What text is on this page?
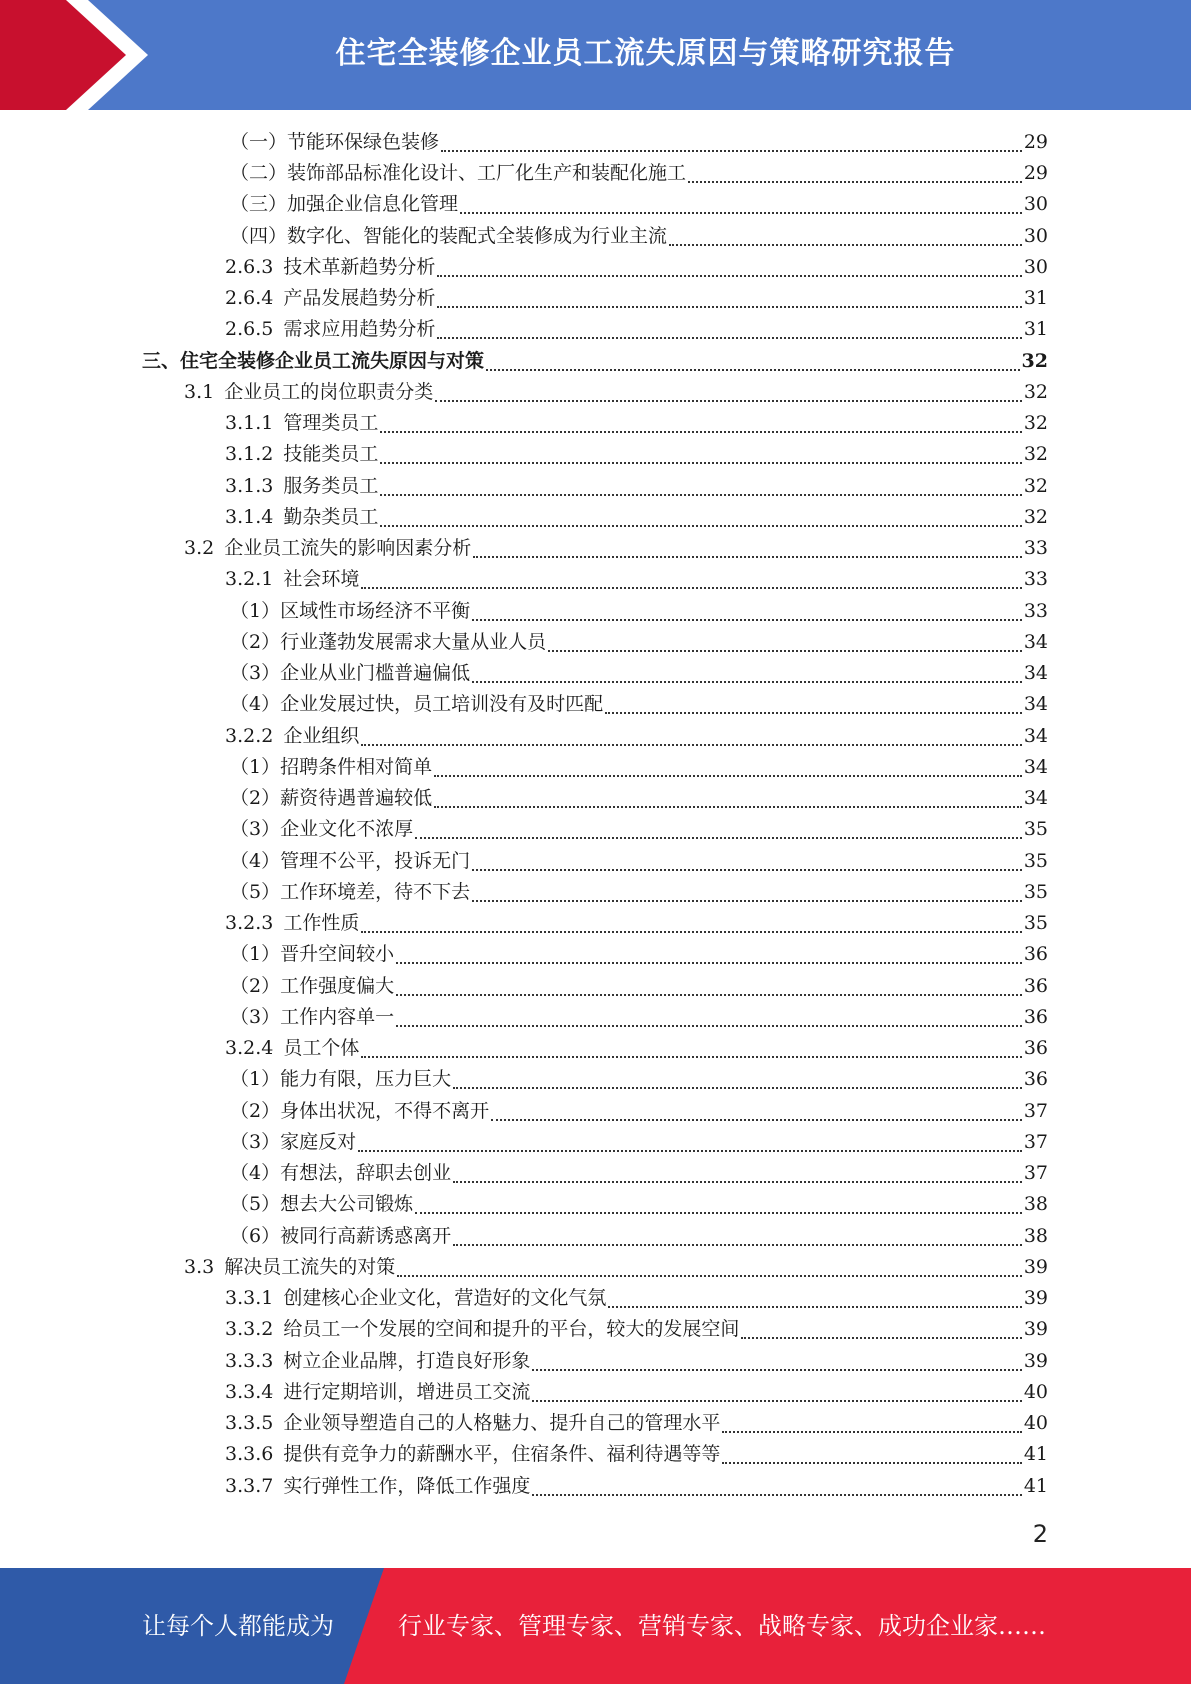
住宅全装修企业员工流失原因与策略研究报告
（一）节能环保绿色装修	29
（二）装饰部品标准化设计、工厂化生产和装配化施工	29
（三）加强企业信息化管理	30
（四）数字化、智能化的装配式全装修成为行业主流	30
2.6.3 技术革新趋势分析	30
2.6.4 产品发展趋势分析	31
2.6.5 需求应用趋势分析	31
三、住宅全装修企业员工流失原因与对策	32
3.1 企业员工的岗位职责分类	32
3.1.1 管理类员工	32
3.1.2 技能类员工	32
3.1.3 服务类员工	32
3.1.4 勤杂类员工	32
3.2 企业员工流失的影响因素分析	33
3.2.1 社会环境	33
（1）区域性市场经济不平衡	33
（2）行业蓬勃发展需求大量从业人员	34
（3）企业从业门槛普遍偏低	34
（4）企业发展过快，员工培训没有及时匹配	34
3.2.2 企业组织	34
（1）招聘条件相对简单	34
（2）薪资待遇普遍较低	34
（3）企业文化不浓厚	35
（4）管理不公平，投诉无门	35
（5）工作环境差，待不下去	35
3.2.3 工作性质	35
（1）晋升空间较小	36
（2）工作强度偏大	36
（3）工作内容单一	36
3.2.4 员工个体	36
（1）能力有限，压力巨大	36
（2）身体出状况，不得不离开	37
（3）家庭反对	37
（4）有想法，辞职去创业	37
（5）想去大公司锻炼	38
（6）被同行高薪诱惑离开	38
3.3 解决员工流失的对策	39
3.3.1 创建核心企业文化，营造好的文化气氛	39
3.3.2 给员工一个发展的空间和提升的平台，较大的发展空间	39
3.3.3 树立企业品牌，打造良好形象	39
3.3.4 进行定期培训，增进员工交流	40
3.3.5 企业领导塑造自己的人格魅力、提升自己的管理水平	40
3.3.6 提供有竞争力的薪酬水平，住宿条件、福利待遇等等	41
3.3.7 实行弹性工作，降低工作强度	41
2
让每个人都能成为	行业专家、管理专家、营销专家、战略专家、成功企业家……
